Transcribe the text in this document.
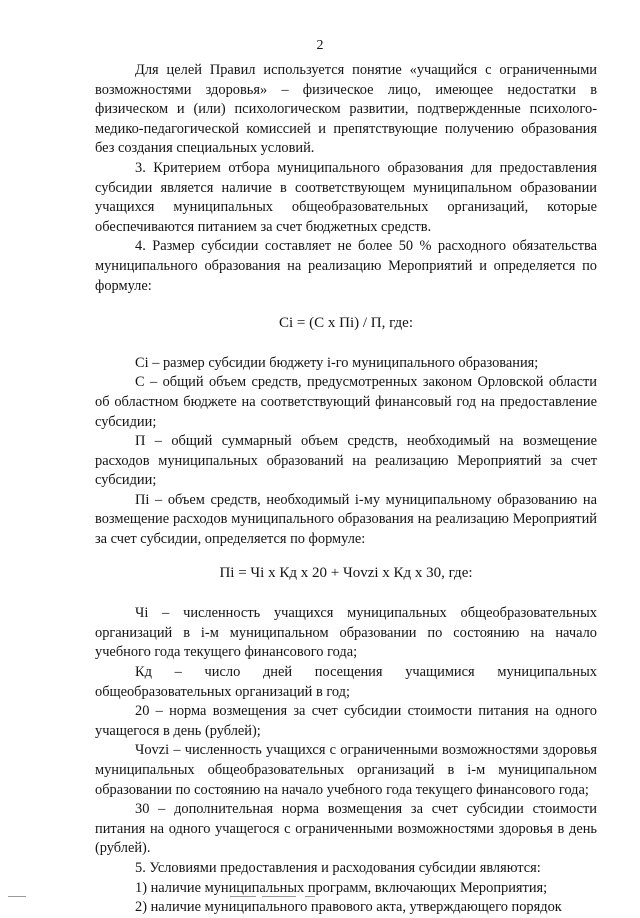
2

Для целей Правил используется понятие «учащийся с ограниченными возможностями здоровья» – физическое лицо, имеющее недостатки в физическом и (или) психологическом развитии, подтвержденные психолого-медико-педагогической комиссией и препятствующие получению образования без создания специальных условий.

3. Критерием отбора муниципального образования для предоставления субсидии является наличие в соответствующем муниципальном образовании учащихся муниципальных общеобразовательных организаций, которые обеспечиваются питанием за счет бюджетных средств.

4. Размер субсидии составляет не более 50 % расходного обязательства муниципального образования на реализацию Мероприятий и определяется по формуле:

Сi = (С х Пi) / П, где:

Сi – размер субсидии бюджету i-го муниципального образования;

С – общий объем средств, предусмотренных законом Орловской области об областном бюджете на соответствующий финансовый год на предоставление субсидии;

П – общий суммарный объем средств, необходимый на возмещение расходов муниципальных образований на реализацию Мероприятий за счет субсидии;

Пi – объем средств, необходимый i-му муниципальному образованию на возмещение расходов муниципального образования на реализацию Мероприятий за счет субсидии, определяется по формуле:

Пi = Чi х Кд х 20 + Чovzi х Кд х 30, где:

Чi – численность учащихся муниципальных общеобразовательных организаций в i-м муниципальном образовании по состоянию на начало учебного года текущего финансового года;

Кд – число дней посещения учащимися муниципальных общеобразовательных организаций в год;

20 – норма возмещения за счет субсидии стоимости питания на одного учащегося в день (рублей);

Чovzi – численность учащихся с ограниченными возможностями здоровья муниципальных общеобразовательных организаций в i-м муниципальном образовании по состоянию на начало учебного года текущего финансового года;

30 – дополнительная норма возмещения за счет субсидии стоимости питания на одного учащегося с ограниченными возможностями здоровья в день (рублей).

5. Условиями предоставления и расходования субсидии являются:

1) наличие муниципальных программ, включающих Мероприятия;

2) наличие муниципального правового акта, утверждающего порядок
